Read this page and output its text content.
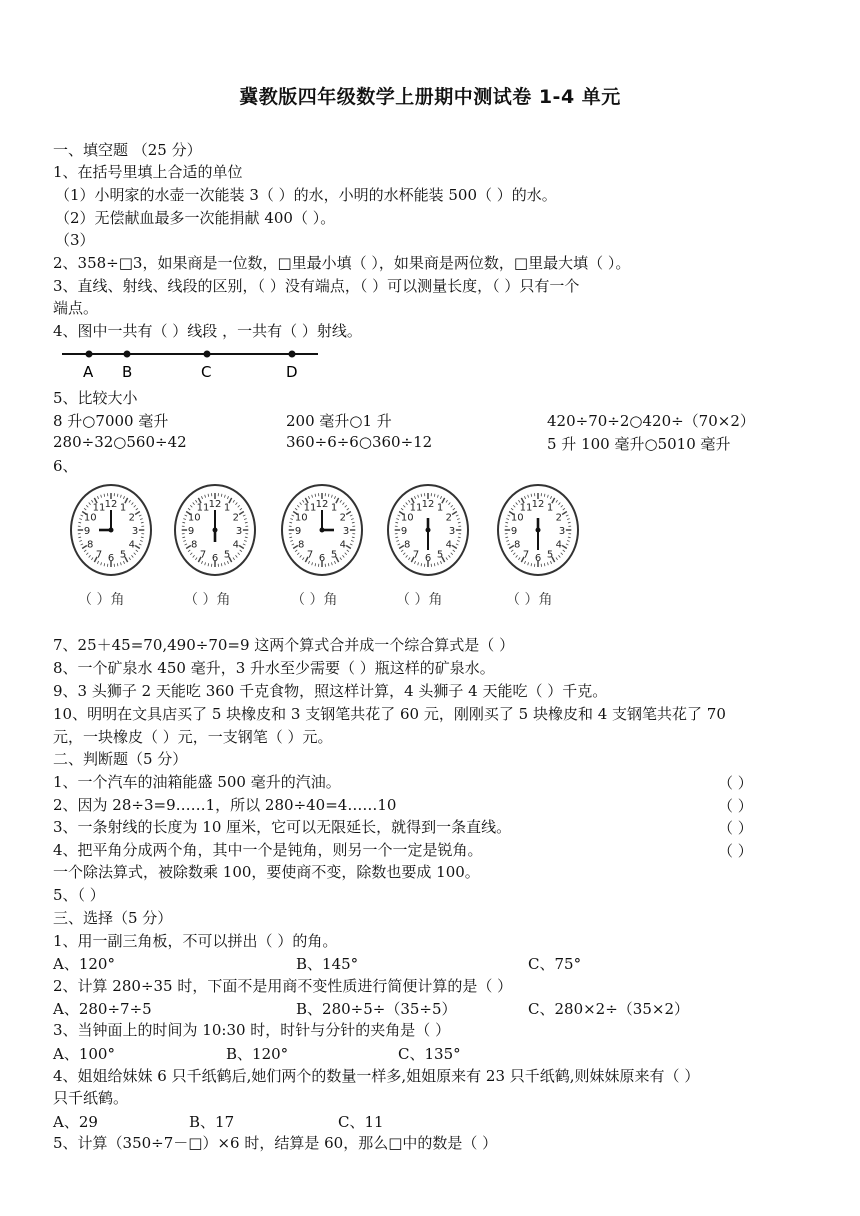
冀教版四年级数学上册期中测试卷 1-4 单元
一、填空题 （25 分）
1、在括号里填上合适的单位
（1）小明家的水壶一次能装 3（ ）的水，小明的水杯能装 500（ ）的水。
（2）无偿献血最多一次能捐献 400（ ）。
（3）
2、358÷□3，如果商是一位数，□里最小填（ ），如果商是两位数，□里最大填（ ）。
3、直线、射线、线段的区别，（ ）没有端点，（ ）可以测量长度，（ ）只有一个
端点。
4、图中一共有（ ）线段 ，一共有（ ）射线。
A B	C	D
5、比较大小
8 升○7000 毫升	200 毫升○1 升	420÷70÷2○420÷（70×2）
280÷32○560÷42	360÷6÷6○360÷12	5 升 100 毫升○5010 毫升
6、
1
2
3
4
5
6
7
8
9
10
11 12	1
2
3
4
5
6
7
8
9
10
11 12	1
2
3
4
5
6
7
8
9
10
11 12	1
2
3
4
5
6
7
8
9
10
11 12	1
2
3
4
5
6
7
8
9
10
11 12
（ ）角	（ ）角	（ ）角	（ ）角	（ ）角
7、25＋45=70,490÷70=9 这两个算式合并成一个综合算式是（ ）
8、一个矿泉水 450 毫升，3 升水至少需要（ ）瓶这样的矿泉水。
9、3 头狮子 2 天能吃 360 千克食物，照这样计算，4 头狮子 4 天能吃（ ）千克。
10、明明在文具店买了 5 块橡皮和 3 支钢笔共花了 60 元，刚刚买了 5 块橡皮和 4 支钢笔共花了 70
元，一块橡皮（ ）元，一支钢笔（ ）元。
二、判断题（5 分）
1、一个汽车的油箱能盛 500 毫升的汽油。	（ ）
2、因为 28÷3=9……1，所以 280÷40=4……10	（ ）
3、一条射线的长度为 10 厘米，它可以无限延长，就得到一条直线。	（ ）
4、把平角分成两个角，其中一个是钝角，则另一个一定是锐角。	（ ）
一个除法算式，被除数乘 100，要使商不变，除数也要成 100。
5、（ ）
三、选择（5 分）
1、用一副三角板，不可以拼出（ ）的角。
A、120°	B、145°	C、75°
2、计算 280÷35 时，下面不是用商不变性质进行简便计算的是（ ）
A、280÷7÷5	B、280÷5÷（35÷5）	C、280×2÷（35×2）
3、当钟面上的时间为 10:30 时，时针与分针的夹角是（ ）
A、100°	B、120°	C、135°
4、姐姐给妹妹 6 只千纸鹤后,她们两个的数量一样多,姐姐原来有 23 只千纸鹤,则妹妹原来有（ ）
只千纸鹤。
A、29	B、17	C、11
5、计算（350÷7－□）×6 时，结算是 60，那么□中的数是（ ）
